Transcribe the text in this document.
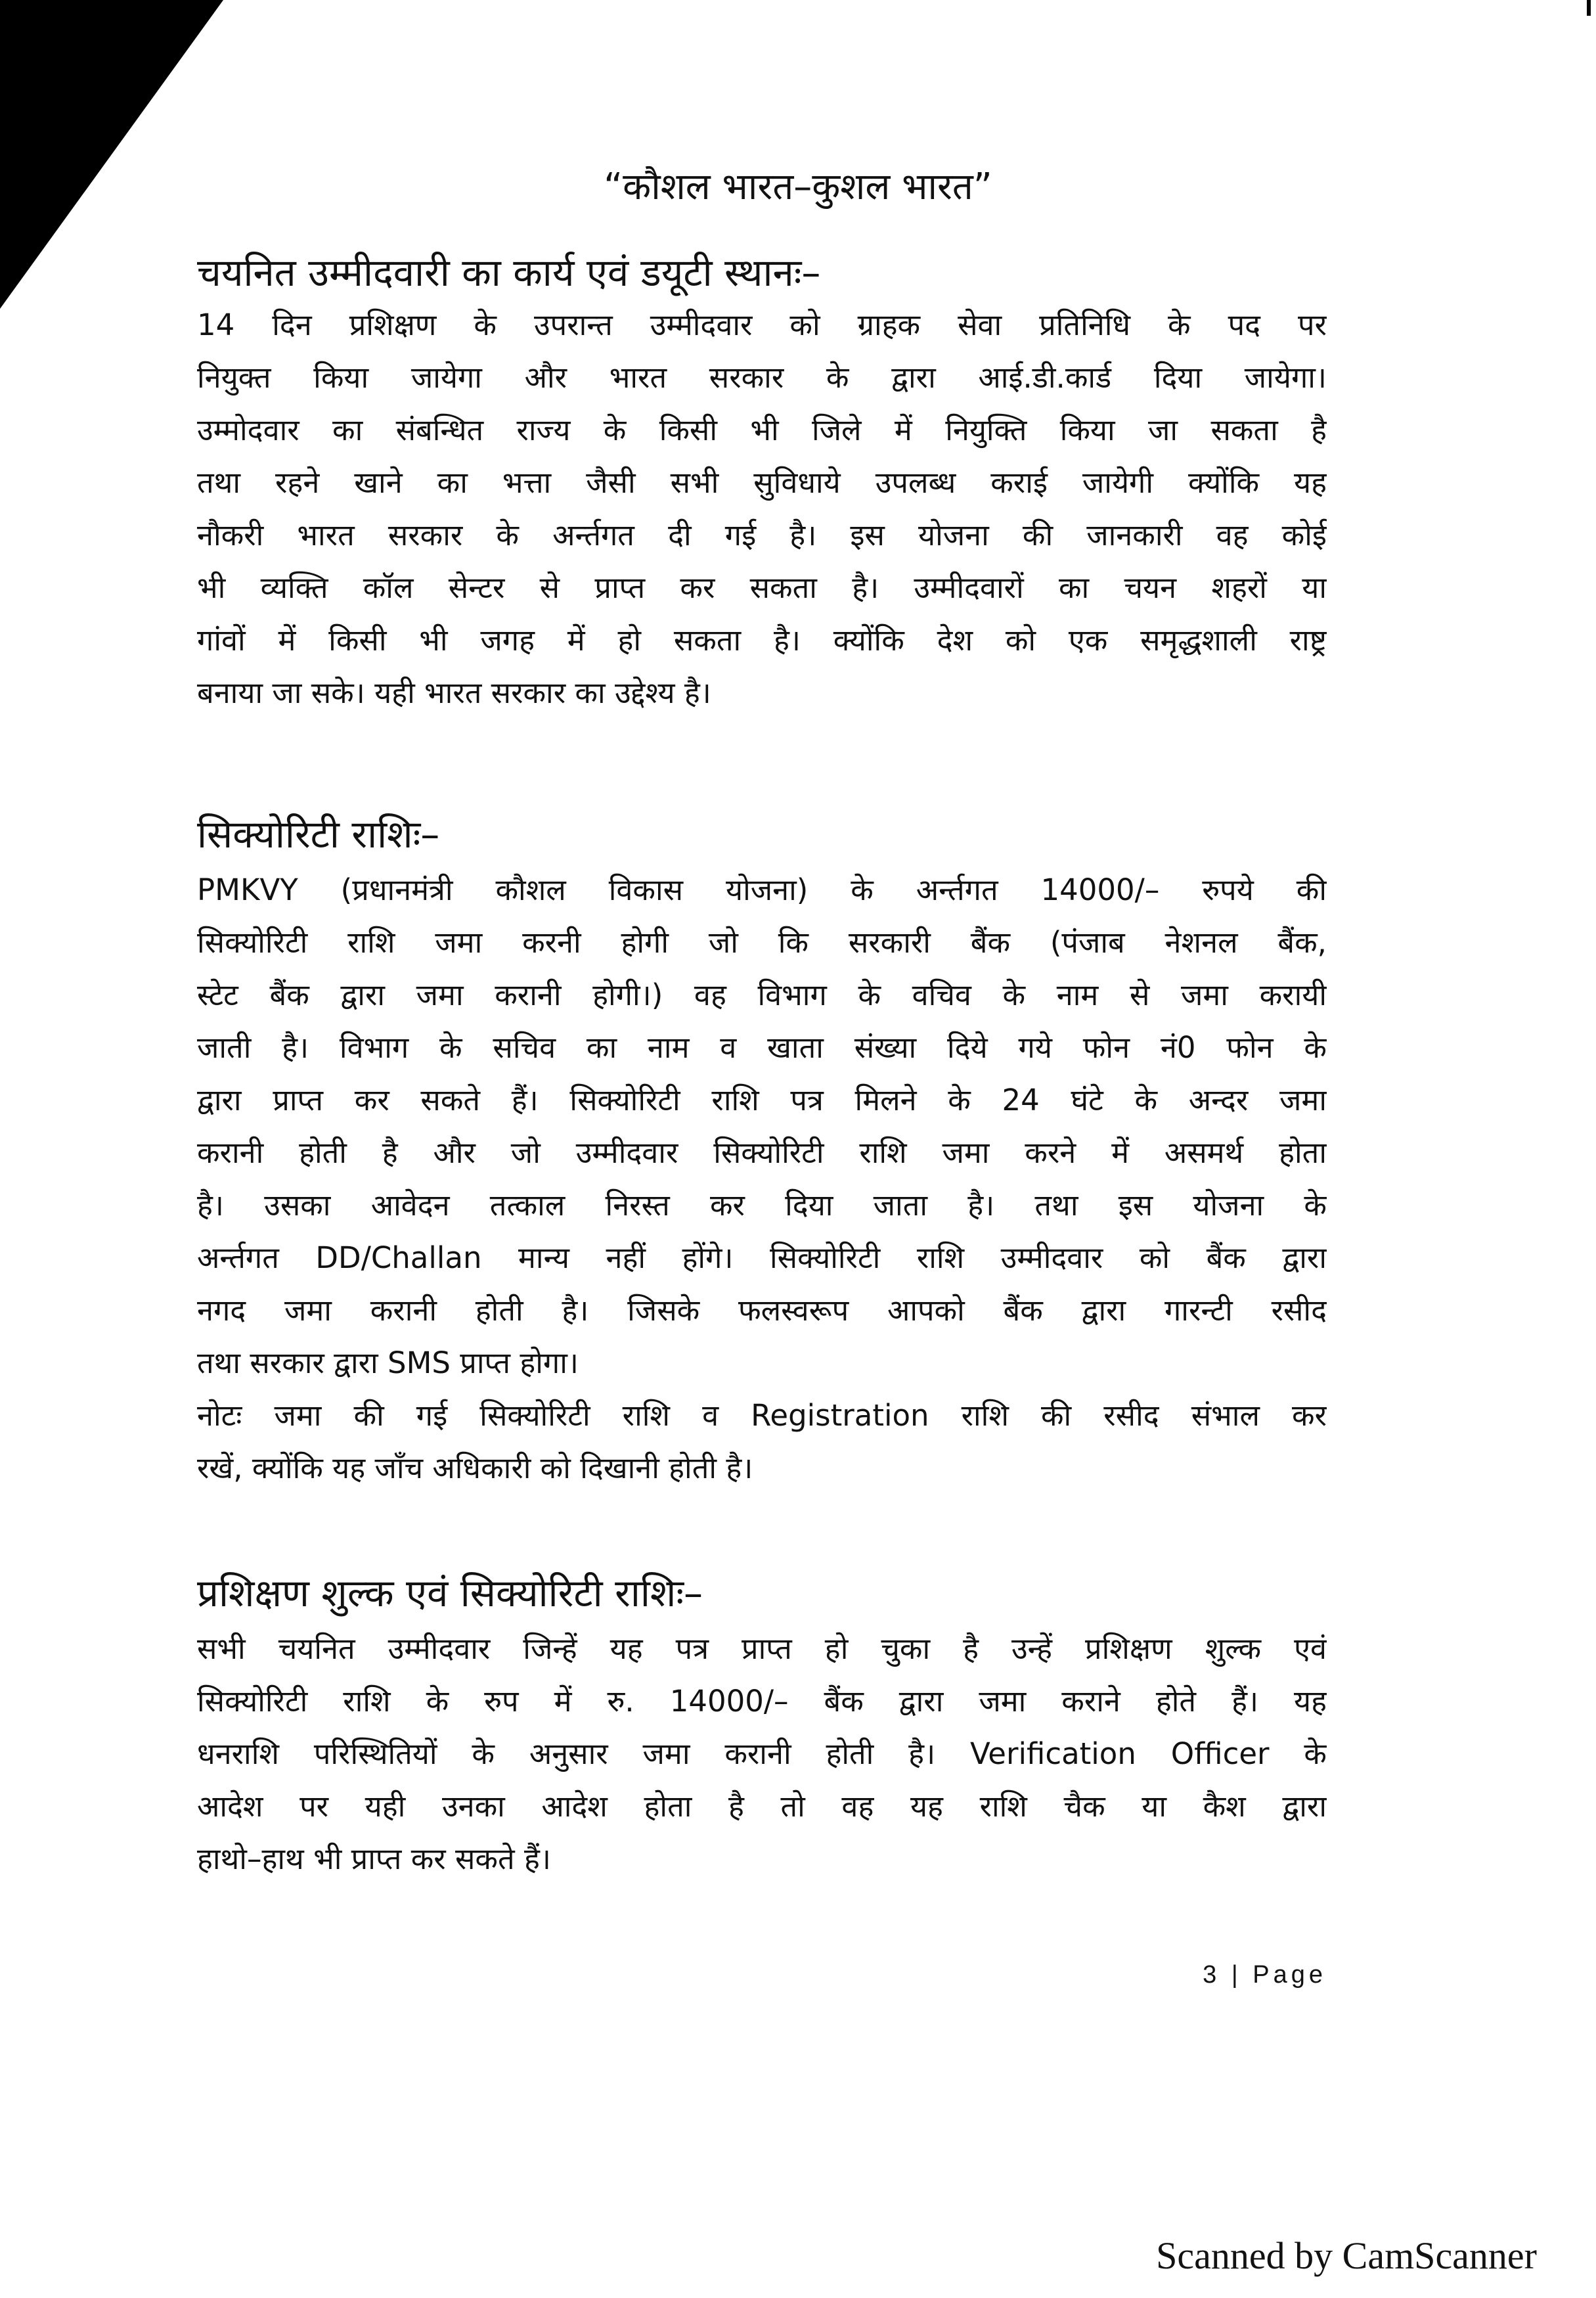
“कौशल भारत–कुशल भारत”
चयनित उम्मीदवारी का कार्य एवं डयूटी स्थानः–
14 दिन प्रशिक्षण के उपरान्त उम्मीदवार को ग्राहक सेवा प्रतिनिधि के पद पर
नियुक्त किया जायेगा और भारत सरकार के द्वारा आई.डी.कार्ड दिया जायेगा।
उम्मोदवार का संबन्धित राज्य के किसी भी जिले में नियुक्ति किया जा सकता है
तथा रहने खाने का भत्ता जैसी सभी सुविधाये उपलब्ध कराई जायेगी क्योंकि यह
नौकरी भारत सरकार के अर्न्तगत दी गई है। इस योजना की जानकारी वह कोई
भी व्यक्ति कॉल सेन्टर से प्राप्त कर सकता है। उम्मीदवारों का चयन शहरों या
गांवों में किसी भी जगह में हो सकता है। क्योंकि देश को एक समृद्धशाली राष्ट्र
बनाया जा सके। यही भारत सरकार का उद्देश्य है।
सिक्योरिटी राशिः–
PMKVY (प्रधानमंत्री कौशल विकास योजना) के अर्न्तगत 14000/– रुपये की
सिक्योरिटी राशि जमा करनी होगी जो कि सरकारी बैंक (पंजाब नेशनल बैंक,
स्टेट बैंक द्वारा जमा करानी होगी।) वह विभाग के वचिव के नाम से जमा करायी
जाती है। विभाग के सचिव का नाम व खाता संख्या दिये गये फोन नं0 फोन के
द्वारा प्राप्त कर सकते हैं। सिक्योरिटी राशि पत्र मिलने के 24 घंटे के अन्दर जमा
करानी होती है और जो उम्मीदवार सिक्योरिटी राशि जमा करने में असमर्थ होता
है। उसका आवेदन तत्काल निरस्त कर दिया जाता है। तथा इस योजना के
अर्न्तगत DD/Challan मान्य नहीं होंगे। सिक्योरिटी राशि उम्मीदवार को बैंक द्वारा
नगद जमा करानी होती है। जिसके फलस्वरूप आपको बैंक द्वारा गारन्टी रसीद
तथा सरकार द्वारा SMS प्राप्त होगा।
नोटः जमा की गई सिक्योरिटी राशि व Registration राशि की रसीद संभाल कर
रखें, क्योंकि यह जाँच अधिकारी को दिखानी होती है।
प्रशिक्षण शुल्क एवं सिक्योरिटी राशिः–
सभी चयनित उम्मीदवार जिन्हें यह पत्र प्राप्त हो चुका है उन्हें प्रशिक्षण शुल्क एवं
सिक्योरिटी राशि के रुप में रु. 14000/– बैंक द्वारा जमा कराने होते हैं। यह
धनराशि परिस्थितियों के अनुसार जमा करानी होती है। Verification Officer के
आदेश पर यही उनका आदेश होता है तो वह यह राशि चैक या कैश द्वारा
हाथो–हाथ भी प्राप्त कर सकते हैं।
3 | Page
Scanned by CamScanner
